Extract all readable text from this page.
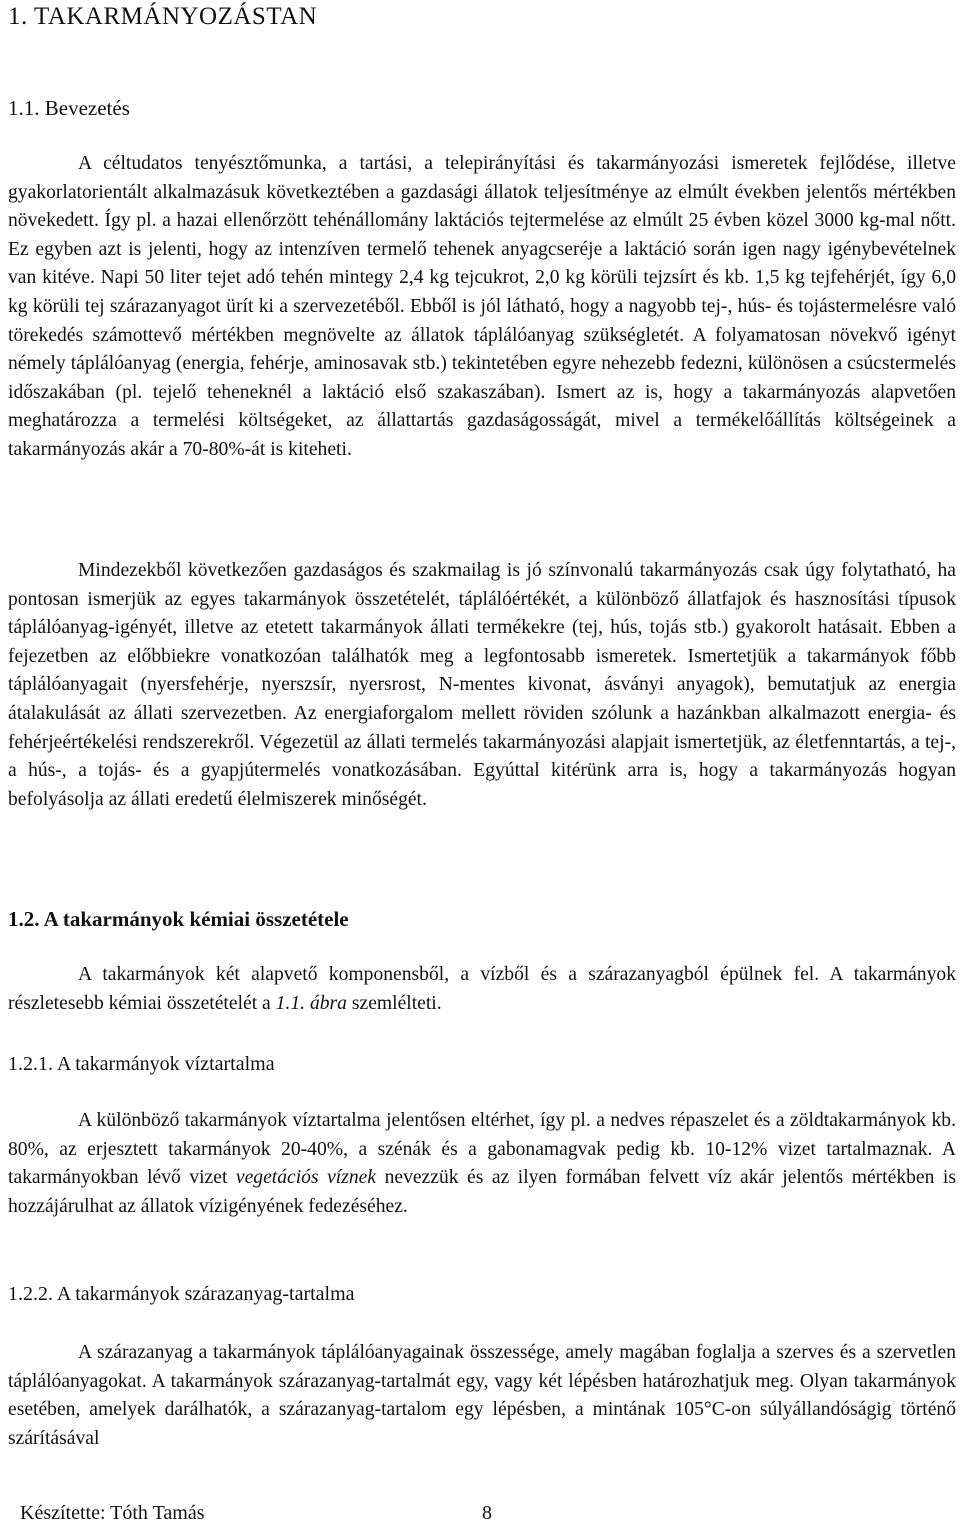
1. TAKARMÁNYOZÁSTAN
1.1. Bevezetés

A céltudatos tenyésztőmunka, a tartási, a telepirányítási és takarmányozási ismeretek fejlődése, illetve gyakorlatorientált alkalmazásuk következtében a gazdasági állatok teljesítménye az elmúlt években jelentős mértékben növekedett. Így pl. a hazai ellenőrzött tehénállomány laktációs tejtermelése az elmúlt 25 évben közel 3000 kg-mal nőtt. Ez egyben azt is jelenti, hogy az intenzíven termelő tehenek anyagcseréje a laktáció során igen nagy igénybevételnek van kitéve. Napi 50 liter tejet adó tehén mintegy 2,4 kg tejcukrot, 2,0 kg körüli tejzsírt és kb. 1,5 kg tejfehérjét, így 6,0 kg körüli tej szárazanyagot ürít ki a szervezetéből. Ebből is jól látható, hogy a nagyobb tej-, hús- és tojástermelésre való törekedés számottevő mértékben megnövelte az állatok táplálóanyag szükségletét. A folyamatosan növekvő igényt némely táplálóanyag (energia, fehérje, aminosavak stb.) tekintetében egyre nehezebb fedezni, különösen a csúcstermelés időszakában (pl. tejelő teheneknél a laktáció első szakaszában). Ismert az is, hogy a takarmányozás alapvetően meghatározza a termelési költségeket, az állattartás gazdaságosságát, mivel a termékelőállítás költségeinek a takarmányozás akár a 70-80%-át is kiteheti.

Mindezekből következően gazdaságos és szakmailag is jó színvonalú takarmányozás csak úgy folytatható, ha pontosan ismerjük az egyes takarmányok összetételét, táplálóértékét, a különböző állatfajok és hasznosítási típusok táplálóanyag-igényét, illetve az etetett takarmányok állati termékekre (tej, hús, tojás stb.) gyakorolt hatásait. Ebben a fejezetben az előbbiekre vonatkozóan találhatók meg a legfontosabb ismeretek. Ismertetjük a takarmányok főbb táplálóanyagait (nyersfehérje, nyerszsír, nyersrost, N-mentes kivonat, ásványi anyagok), bemutatjuk az energia átalakulását az állati szervezetben. Az energiaforgalom mellett röviden szólunk a hazánkban alkalmazott energia- és fehérjeértékelési rendszerekről. Végezetül az állati termelés takarmányozási alapjait ismertetjük, az életfenntartás, a tej-, a hús-, a tojás- és a gyapjútermelés vonatkozásában. Egyúttal kitérünk arra is, hogy a takarmányozás hogyan befolyásolja az állati eredetű élelmiszerek minőségét.

1.2. A takarmányok kémiai összetétele

A takarmányok két alapvető komponensből, a vízből és a szárazanyagból épülnek fel. A takarmányok részletesebb kémiai összetételét a 1.1. ábra szemlélteti.

1.2.1. A takarmányok víztartalma

A különböző takarmányok víztartalma jelentősen eltérhet, így pl. a nedves répaszelet és a zöldtakarmányok kb. 80%, az erjesztett takarmányok 20-40%, a szénák és a gabonamagvak pedig kb. 10-12% vizet tartalmaznak. A takarmányokban lévő vizet vegetációs víznek nevezzük és az ilyen formában felvett víz akár jelentős mértékben is hozzájárulhat az állatok vízigényének fedezéséhez.

1.2.2. A takarmányok szárazanyag-tartalma

A szárazanyag a takarmányok táplálóanyagainak összessége, amely magában foglalja a szerves és a szervetlen táplálóanyagokat. A takarmányok szárazanyag-tartalmát egy, vagy két lépésben határozhatjuk meg. Olyan takarmányok esetében, amelyek darálhatók, a szárazanyag-tartalom egy lépésben, a mintának 105°C-on súlyállandóságig történő szárításával

Készítette: Tóth Tamás	8
